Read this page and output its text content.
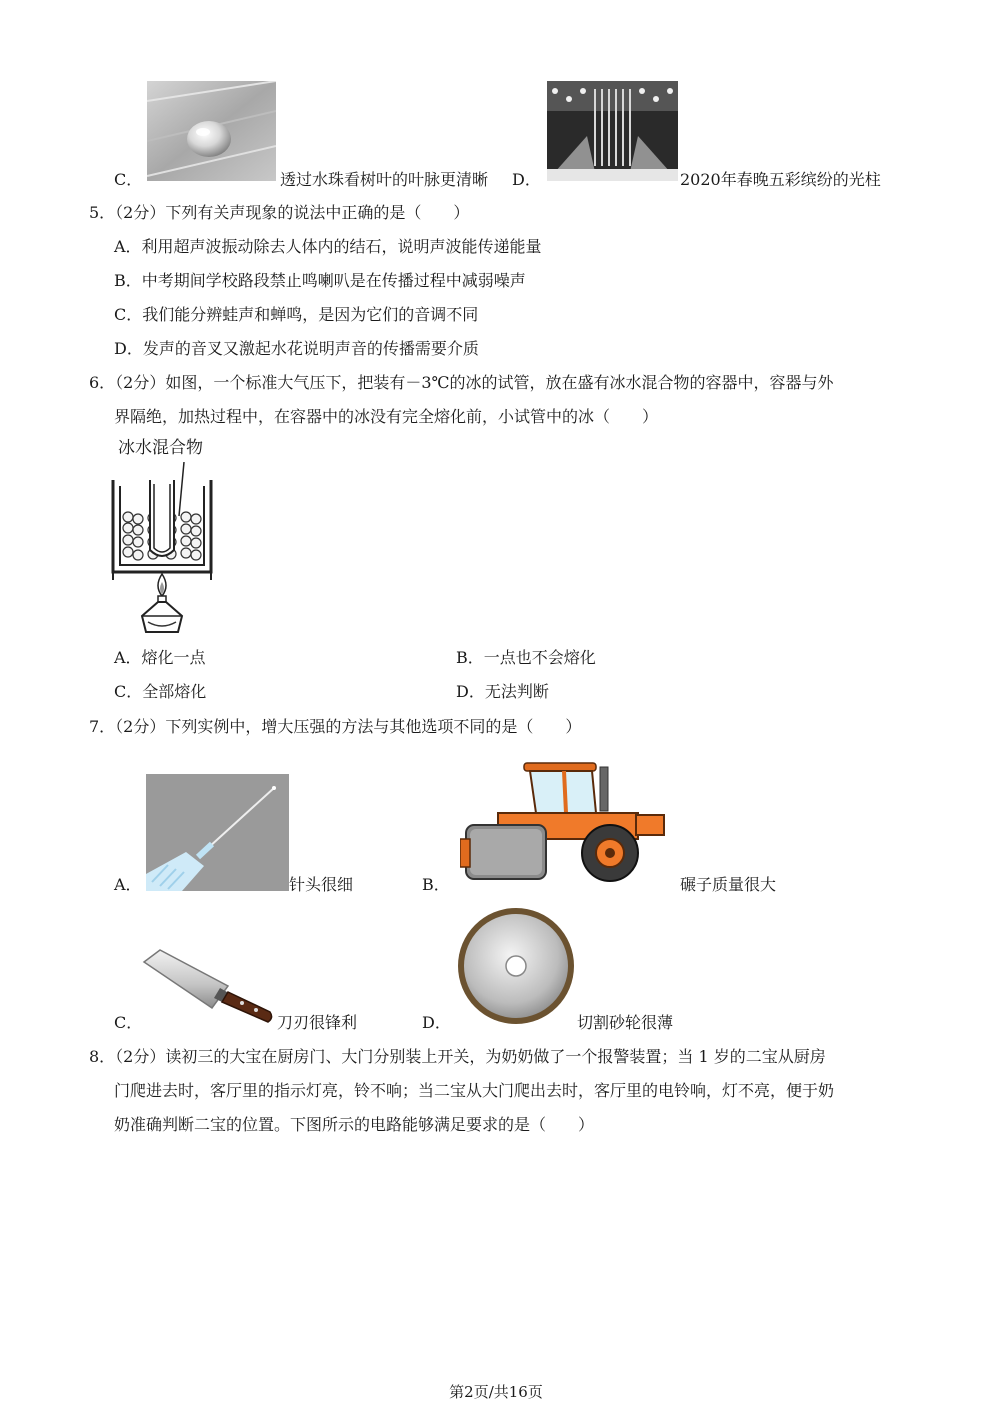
C．	透过水珠看树叶的叶脉更清晰 D．	2020年春晚五彩缤纷的光柱
5．（2分）下列有关声现象的说法中正确的是（　　）
A．利用超声波振动除去人体内的结石，说明声波能传递能量
B．中考期间学校路段禁止鸣喇叭是在传播过程中减弱噪声
C．我们能分辨蛙声和蝉鸣，是因为它们的音调不同
D．发声的音叉又激起水花说明声音的传播需要介质
6．（2分）如图，一个标准大气压下，把装有－3℃的冰的试管，放在盛有冰水混合物的容器中，容器与外
界隔绝，加热过程中，在容器中的冰没有完全熔化前，小试管中的冰（　　）
冰水混合物
A．熔化一点	B．一点也不会熔化
C．全部熔化	D．无法判断
7．（2分）下列实例中，增大压强的方法与其他选项不同的是（　　）
A．	针头很细	B．	碾子质量很大
C．	刀刃很锋利	D．	切割砂轮很薄
8．（2分）读初三的大宝在厨房门、大门分别装上开关，为奶奶做了一个报警装置；当 1 岁的二宝从厨房
门爬进去时，客厅里的指示灯亮，铃不响；当二宝从大门爬出去时，客厅里的电铃响，灯不亮，便于奶
奶准确判断二宝的位置。下图所示的电路能够满足要求的是（　　）
第2页/共16页
